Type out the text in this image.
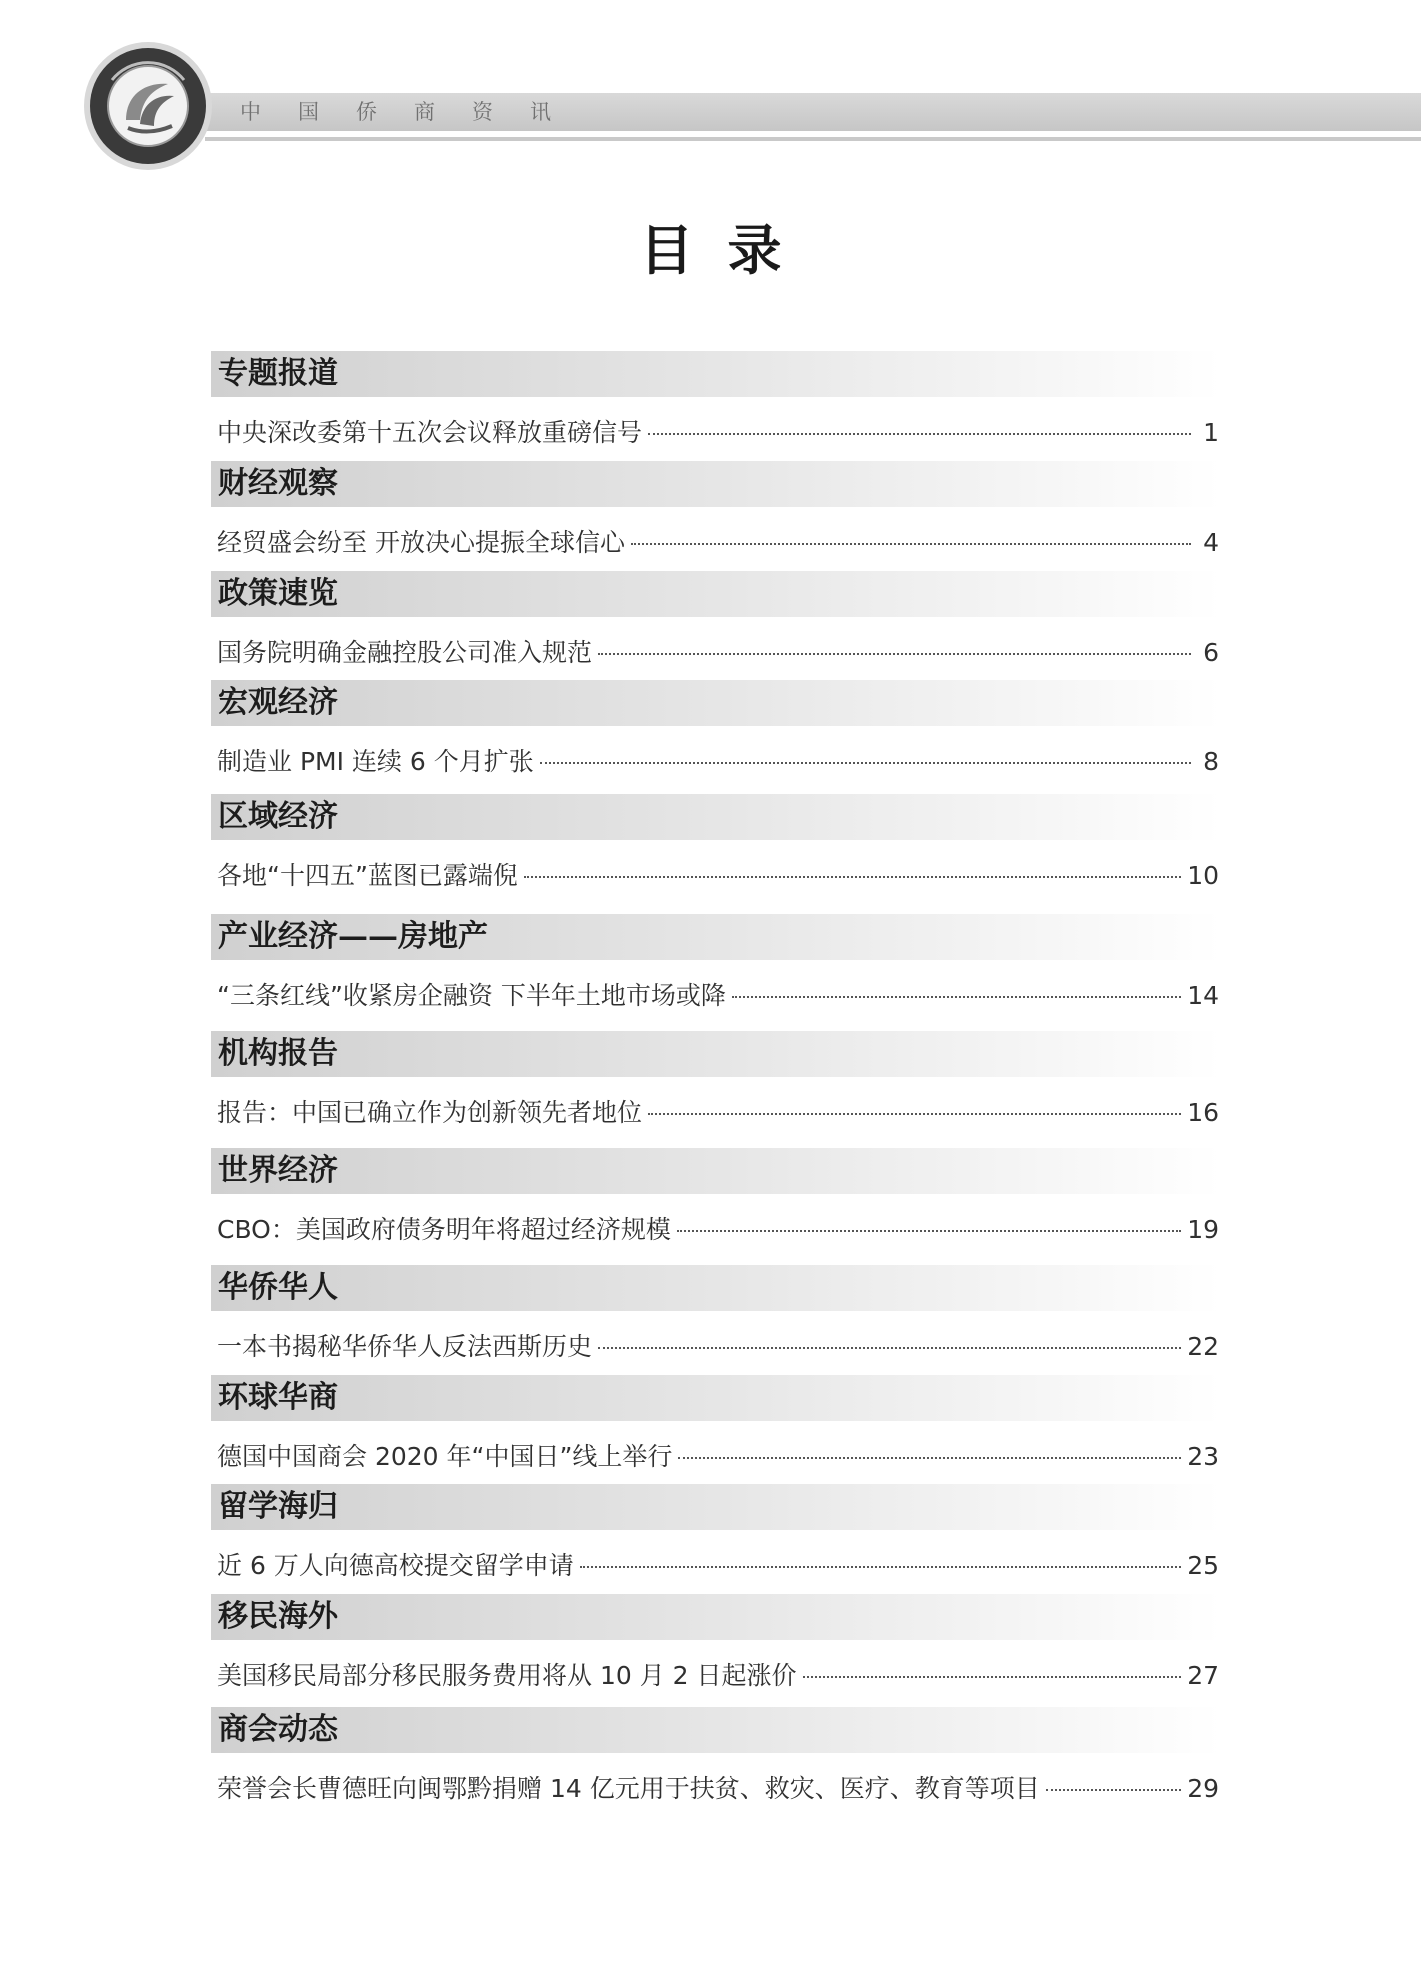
中国侨商资讯
目录
专题报道
中央深改委第十五次会议释放重磅信号	1
财经观察
经贸盛会纷至 开放决心提振全球信心	4
政策速览
国务院明确金融控股公司准入规范	6
宏观经济
制造业 PMI 连续 6 个月扩张	8
区域经济
各地“十四五”蓝图已露端倪	10
产业经济——房地产
“三条红线”收紧房企融资 下半年土地市场或降	14
机构报告
报告：中国已确立作为创新领先者地位	16
世界经济
CBO：美国政府债务明年将超过经济规模	19
华侨华人
一本书揭秘华侨华人反法西斯历史	22
环球华商
德国中国商会 2020 年“中国日”线上举行	23
留学海归
近 6 万人向德高校提交留学申请	25
移民海外
美国移民局部分移民服务费用将从 10 月 2 日起涨价	27
商会动态
荣誉会长曹德旺向闽鄂黔捐赠 14 亿元用于扶贫、救灾、医疗、教育等项目	29
